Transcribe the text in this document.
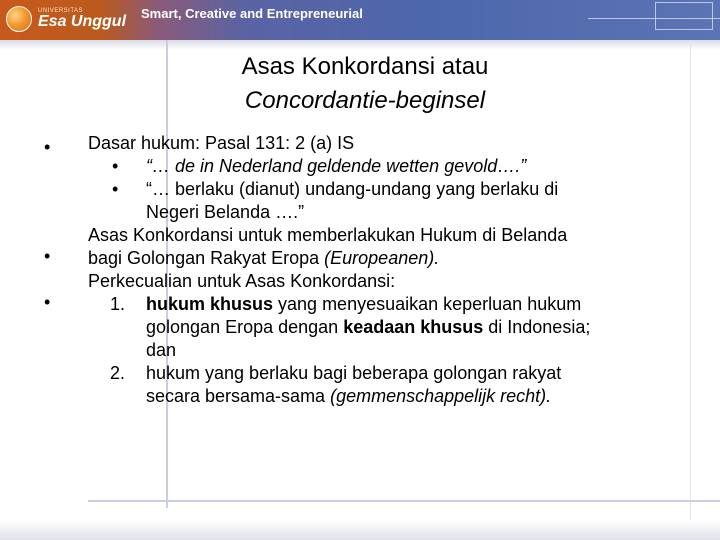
UNIVERSITAS
Esa Unggul Smart, Creative and Entrepreneurial
Asas Konkordansi atau
Concordantie-beginsel
•
•
•
Dasar hukum: Pasal 131: 2 (a) IS
• “… de in Nederland geldende wetten gevold….”
• “… berlaku (dianut) undang-undang yang berlaku di
Negeri Belanda ….”
Asas Konkordansi untuk memberlakukan Hukum di Belanda
bagi Golongan Rakyat Eropa (Europeanen).
Perkecualian untuk Asas Konkordansi:
1. hukum khusus yang menyesuaikan keperluan hukum
golongan Eropa dengan keadaan khusus di Indonesia;
dan
2. hukum yang berlaku bagi beberapa golongan rakyat
secara bersama-sama (gemmenschappelijk recht).
